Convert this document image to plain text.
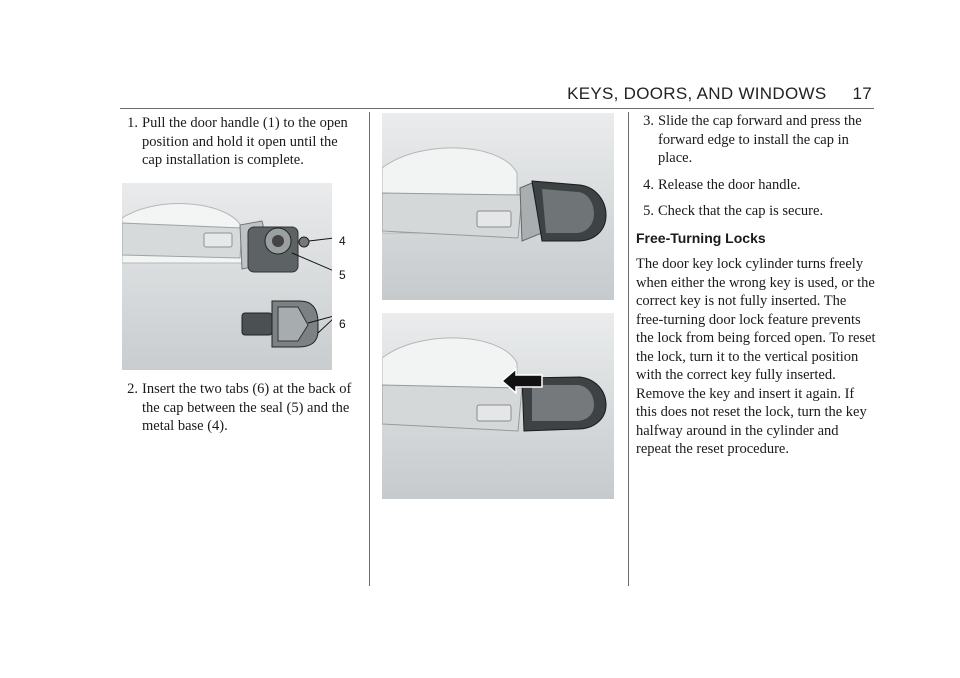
KEYS, DOORS, AND WINDOWS 17
1. Pull the door handle (1) to the open position and hold it open until the cap installation is complete.
4
5
6
2. Insert the two tabs (6) at the back of the cap between the seal (5) and the metal base (4).
3. Slide the cap forward and press the forward edge to install the cap in place.
4. Release the door handle.
5. Check that the cap is secure.
Free-Turning Locks

The door key lock cylinder turns freely when either the wrong key is used, or the correct key is not fully inserted. The free-turning door lock feature prevents the lock from being forced open. To reset the lock, turn it to the vertical position with the correct key fully inserted. Remove the key and insert it again. If this does not reset the lock, turn the key halfway around in the cylinder and repeat the reset procedure.
